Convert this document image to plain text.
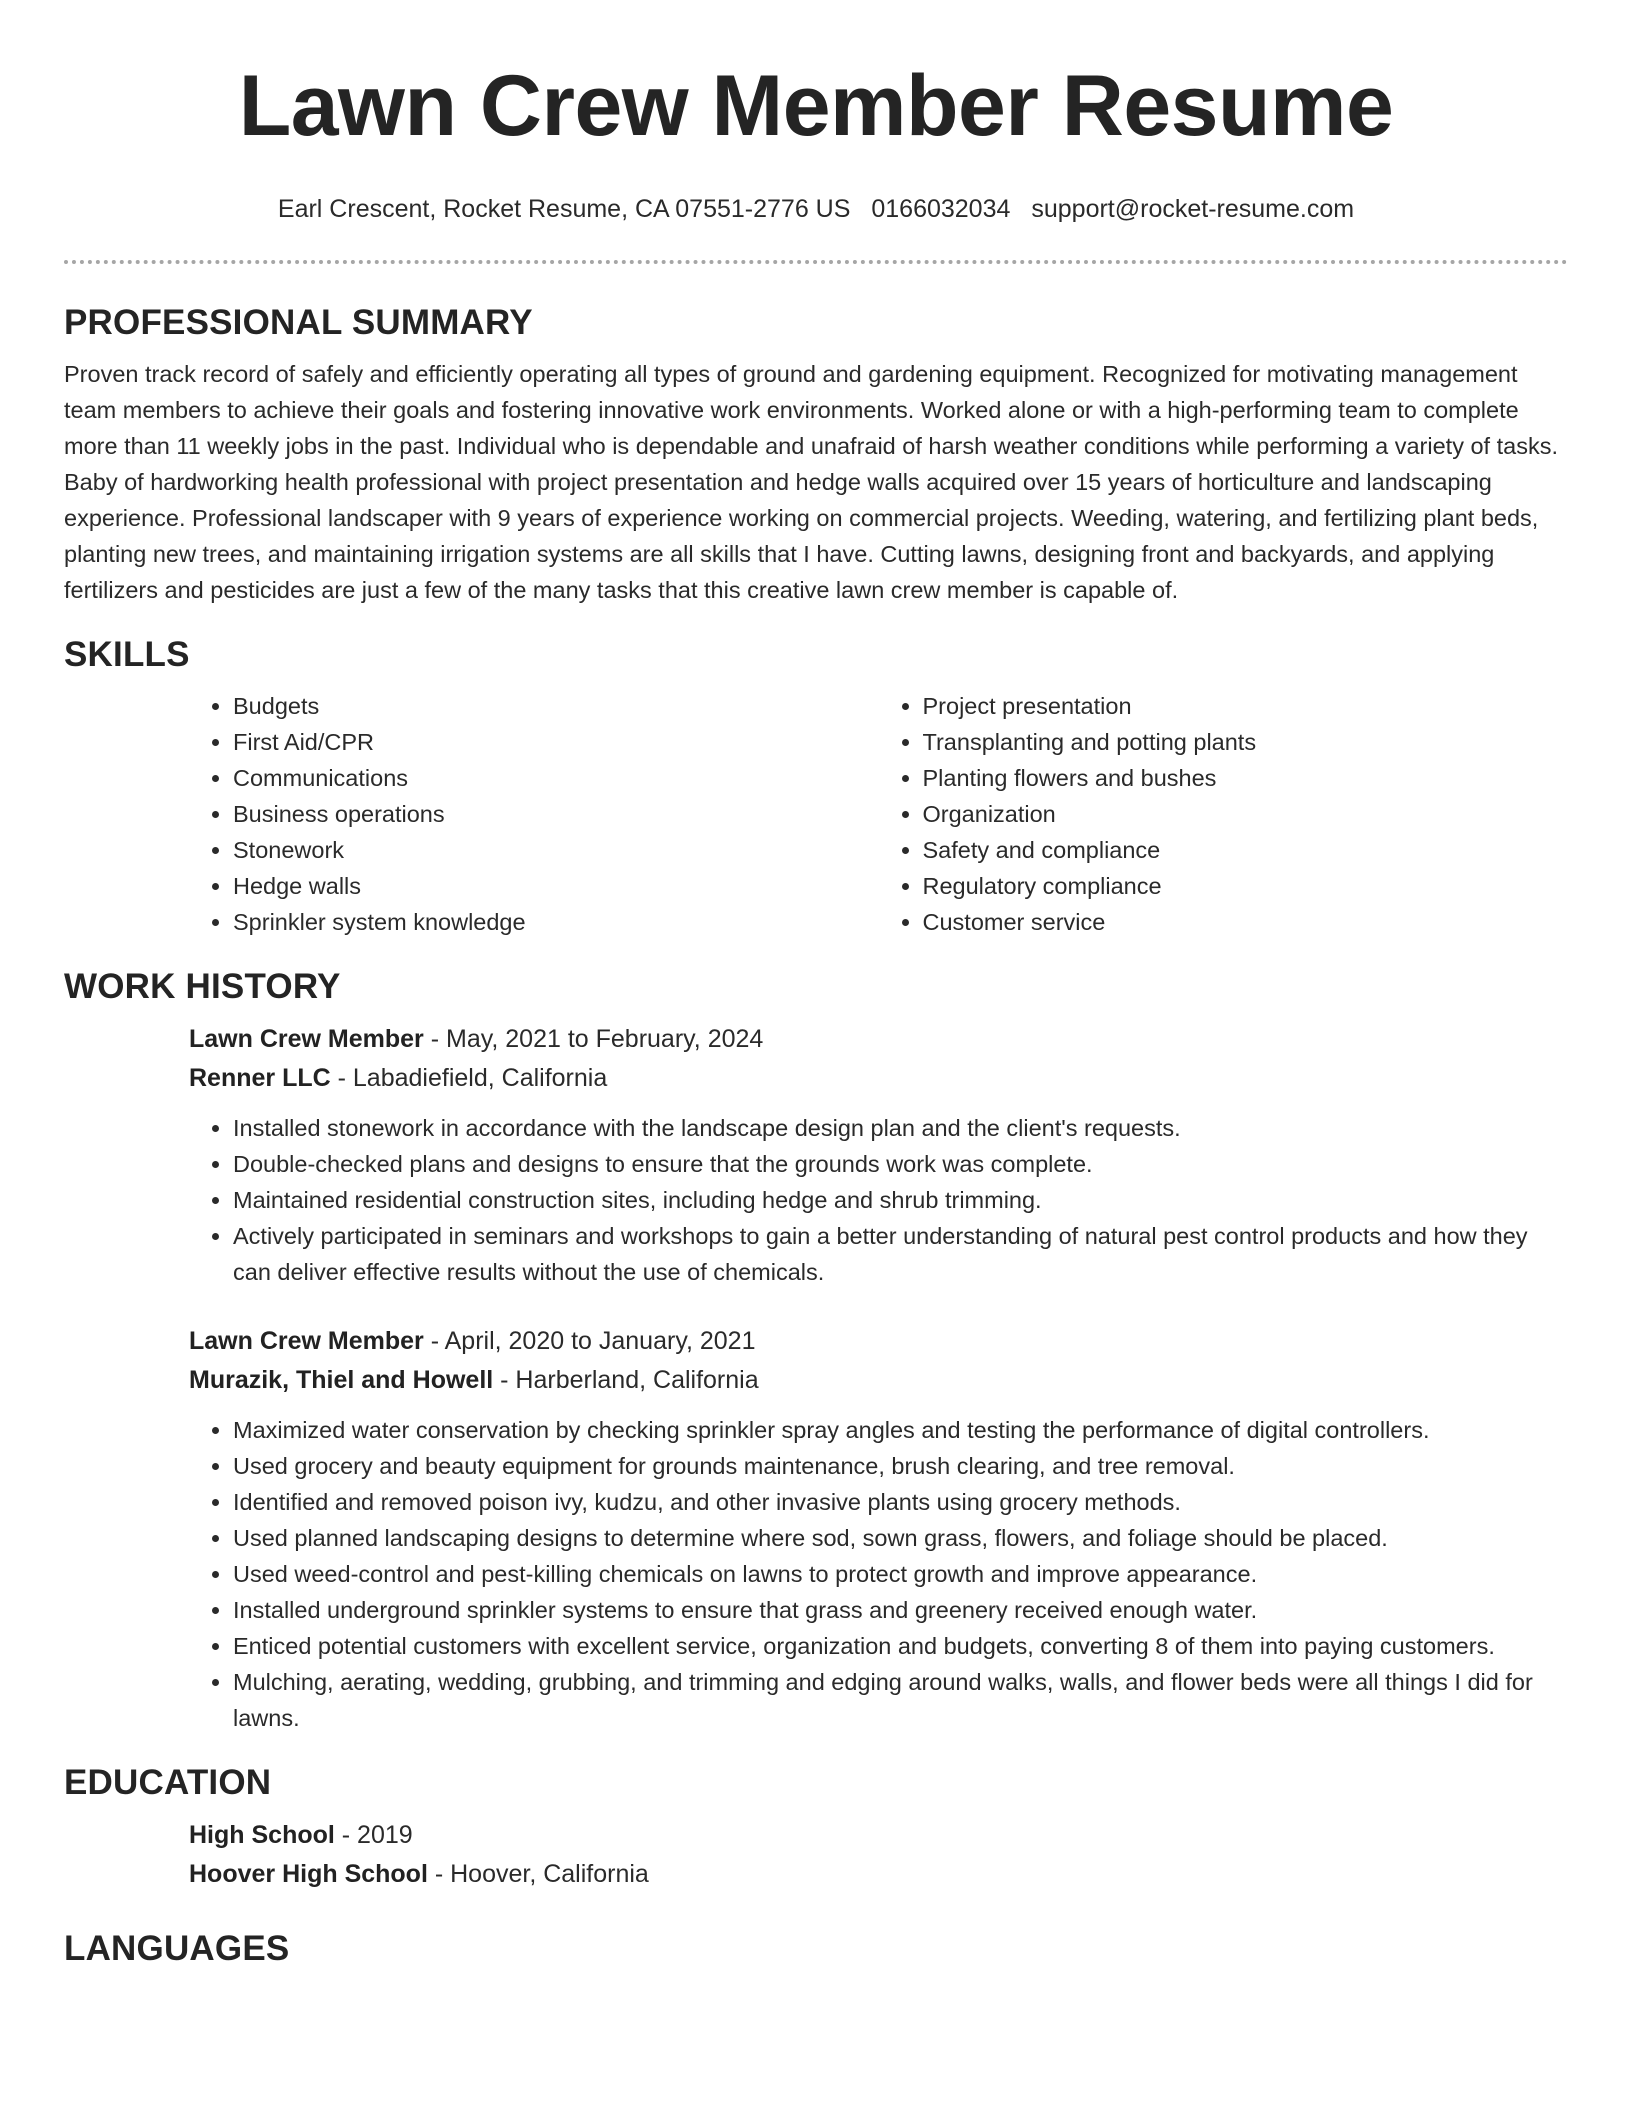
Lawn Crew Member Resume
Earl Crescent, Rocket Resume, CA 07551-2776 US 0166032034 support@rocket-resume.com
PROFESSIONAL SUMMARY

Proven track record of safely and efficiently operating all types of ground and gardening equipment. Recognized for motivating management team members to achieve their goals and fostering innovative work environments. Worked alone or with a high-performing team to complete more than 11 weekly jobs in the past. Individual who is dependable and unafraid of harsh weather conditions while performing a variety of tasks. Baby of hardworking health professional with project presentation and hedge walls acquired over 15 years of horticulture and landscaping experience. Professional landscaper with 9 years of experience working on commercial projects. Weeding, watering, and fertilizing plant beds, planting new trees, and maintaining irrigation systems are all skills that I have. Cutting lawns, designing front and backyards, and applying fertilizers and pesticides are just a few of the many tasks that this creative lawn crew member is capable of.

SKILLS
• Budgets
• First Aid/CPR
• Communications
• Business operations
• Stonework
• Hedge walls
• Sprinkler system knowledge
• Project presentation
• Transplanting and potting plants
• Planting flowers and bushes
• Organization
• Safety and compliance
• Regulatory compliance
• Customer service
WORK HISTORY
Lawn Crew Member - May, 2021 to February, 2024
Renner LLC - Labadiefield, California
• Installed stonework in accordance with the landscape design plan and the client's requests.
• Double-checked plans and designs to ensure that the grounds work was complete.
• Maintained residential construction sites, including hedge and shrub trimming.
• Actively participated in seminars and workshops to gain a better understanding of natural pest control products and how they can deliver effective results without the use of chemicals.
Lawn Crew Member - April, 2020 to January, 2021
Murazik, Thiel and Howell - Harberland, California
• Maximized water conservation by checking sprinkler spray angles and testing the performance of digital controllers.
• Used grocery and beauty equipment for grounds maintenance, brush clearing, and tree removal.
• Identified and removed poison ivy, kudzu, and other invasive plants using grocery methods.
• Used planned landscaping designs to determine where sod, sown grass, flowers, and foliage should be placed.
• Used weed-control and pest-killing chemicals on lawns to protect growth and improve appearance.
• Installed underground sprinkler systems to ensure that grass and greenery received enough water.
• Enticed potential customers with excellent service, organization and budgets, converting 8 of them into paying customers.
• Mulching, aerating, wedding, grubbing, and trimming and edging around walks, walls, and flower beds were all things I did for lawns.
EDUCATION
High School - 2019
Hoover High School - Hoover, California
LANGUAGES
